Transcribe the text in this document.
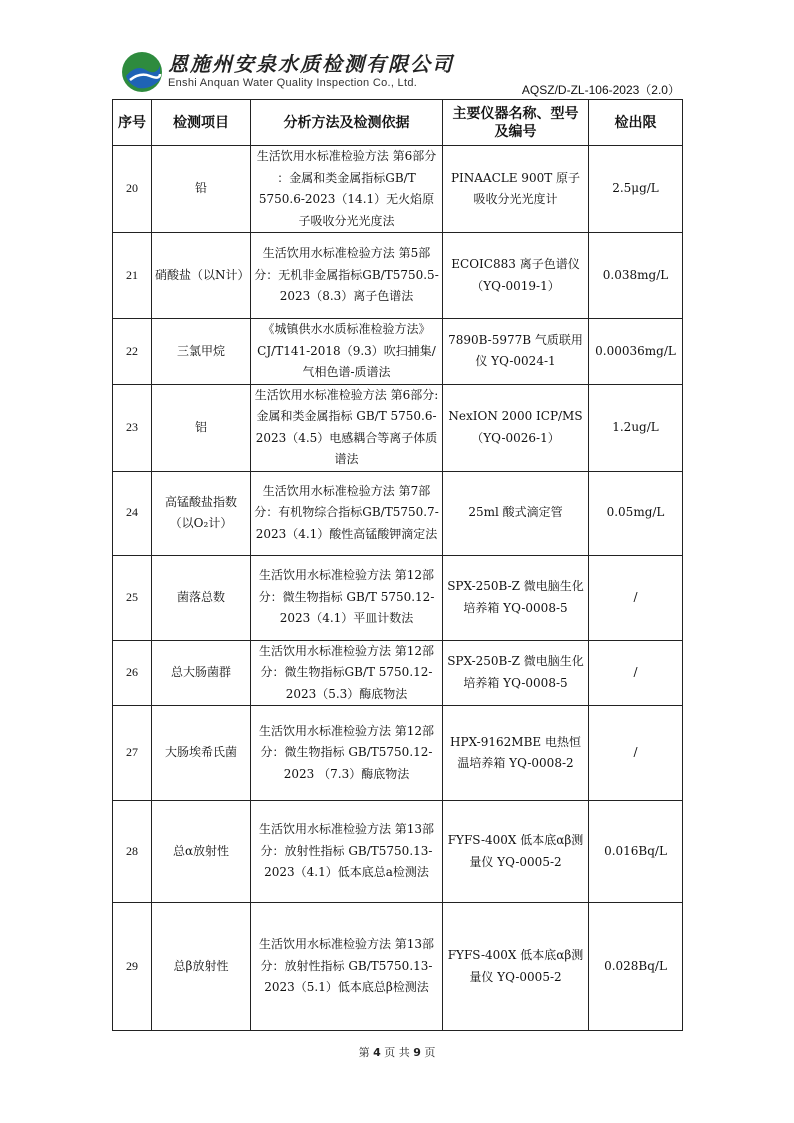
恩施州安泉水质检测有限公司
Enshi Anquan Water Quality Inspection Co., Ltd.	AQSZ/D-ZL-106-2023（2.0）
序号	检测项目	分析方法及检测依据	主要仪器名称、型号及编号	检出限
20	铅	生活饮用水标准检验方法 第6部分 ：金属和类金属指标GB/T 5750.6-2023（14.1）无火焰原子吸收分光光度法	PINAACLE 900T 原子吸收分光光度计	2.5μg/L
21	硝酸盐（以N计）	生活饮用水标准检验方法 第5部分：无机非金属指标GB/T5750.5-2023（8.3）离子色谱法	ECOIC883 离子色谱仪（YQ-0019-1）	0.038mg/L
22	三氯甲烷	《城镇供水水质标准检验方法》CJ/T141-2018（9.3）吹扫捕集/气相色谱-质谱法	7890B-5977B 气质联用仪 YQ-0024-1	0.00036mg/L
23	铝	生活饮用水标准检验方法 第6部分: 金属和类金属指标 GB/T 5750.6-2023（4.5）电感耦合等离子体质谱法	NexION 2000 ICP/MS（YQ-0026-1）	1.2ug/L
24	高锰酸盐指数（以O₂计）	生活饮用水标准检验方法 第7部分：有机物综合指标GB/T5750.7-2023（4.1）酸性高锰酸钾滴定法	25ml 酸式滴定管	0.05mg/L
25	菌落总数	生活饮用水标准检验方法 第12部分：微生物指标 GB/T 5750.12-2023（4.1）平皿计数法	SPX-250B-Z 微电脑生化培养箱 YQ-0008-5	/
26	总大肠菌群	生活饮用水标准检验方法 第12部分：微生物指标GB/T 5750.12-2023（5.3）酶底物法	SPX-250B-Z 微电脑生化培养箱 YQ-0008-5	/
27	大肠埃希氏菌	生活饮用水标准检验方法 第12部分：微生物指标 GB/T5750.12-2023 （7.3）酶底物法	HPX-9162MBE 电热恒温培养箱 YQ-0008-2	/
28	总α放射性	生活饮用水标准检验方法 第13部分：放射性指标 GB/T5750.13-2023（4.1）低本底总a检测法	FYFS-400X 低本底αβ测量仪 YQ-0005-2	0.016Bq/L
29	总β放射性	生活饮用水标准检验方法 第13部分：放射性指标 GB/T5750.13-2023（5.1）低本底总β检测法	FYFS-400X 低本底αβ测量仪 YQ-0005-2	0.028Bq/L
第 4 页 共 9 页
